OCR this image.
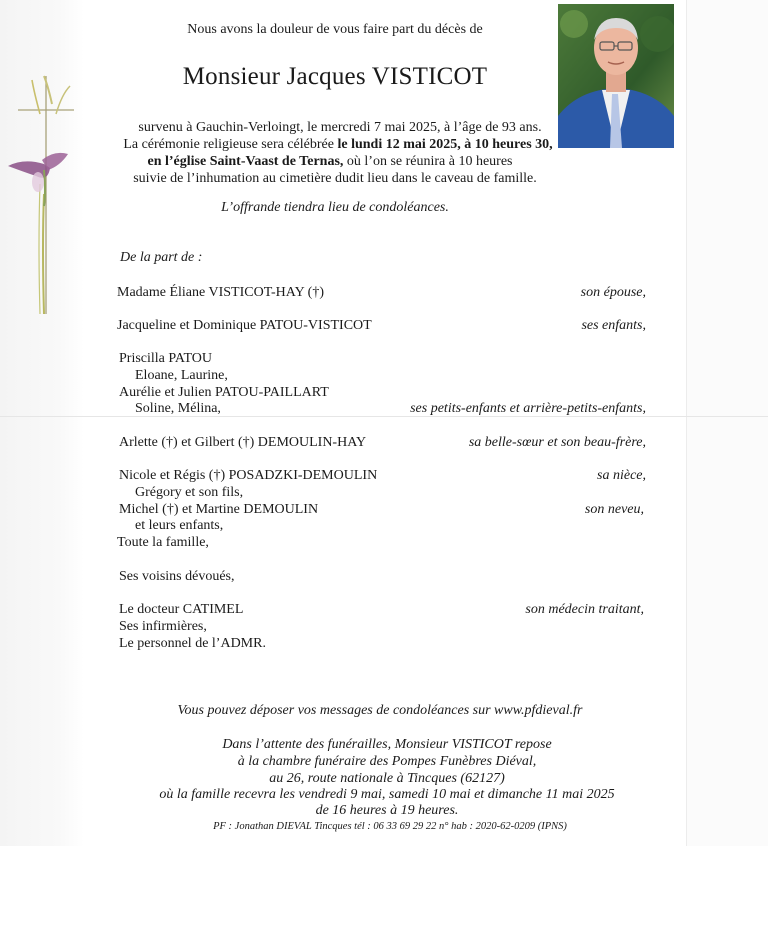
Nous avons la douleur de vous faire part du décès de

Monsieur Jacques VISTICOT

survenu à Gauchin-Verloingt, le mercredi 7 mai 2025, à l’âge de 93 ans.

La cérémonie religieuse sera célébrée le lundi 12 mai 2025, à 10 heures 30,

en l’église Saint-Vaast de Ternas, où l’on se réunira à 10 heures

suivie de l’inhumation au cimetière dudit lieu dans le caveau de famille.

L’offrande tiendra lieu de condoléances.

De la part de :

Madame Éliane VISTICOT-HAY (†)	son épouse,

Jacqueline et Dominique PATOU-VISTICOT	ses enfants,

Priscilla PATOU

Eloane, Laurine,

Aurélie et Julien PATOU-PAILLART

Soline, Mélina,	ses petits-enfants et arrière-petits-enfants,

Arlette (†) et Gilbert (†) DEMOULIN-HAY	sa belle-sœur et son beau-frère,

Nicole et Régis (†) POSADZKI-DEMOULIN	sa nièce,

Grégory et son fils,

Michel (†) et Martine DEMOULIN	son neveu,

et leurs enfants,

Toute la famille,

Ses voisins dévoués,

Le docteur CATIMEL	son médecin traitant,

Ses infirmières,

Le personnel de l’ADMR.

Vous pouvez déposer vos messages de condoléances sur www.pfdieval.fr

Dans l’attente des funérailles, Monsieur VISTICOT repose

à la chambre funéraire des Pompes Funèbres Diéval,

au 26, route nationale à Tincques (62127)

où la famille recevra les vendredi 9 mai, samedi 10 mai et dimanche 11 mai 2025

de 16 heures à 19 heures.

PF : Jonathan DIEVAL Tincques tél : 06 33 69 29 22 n° hab : 2020-62-0209 (IPNS)
